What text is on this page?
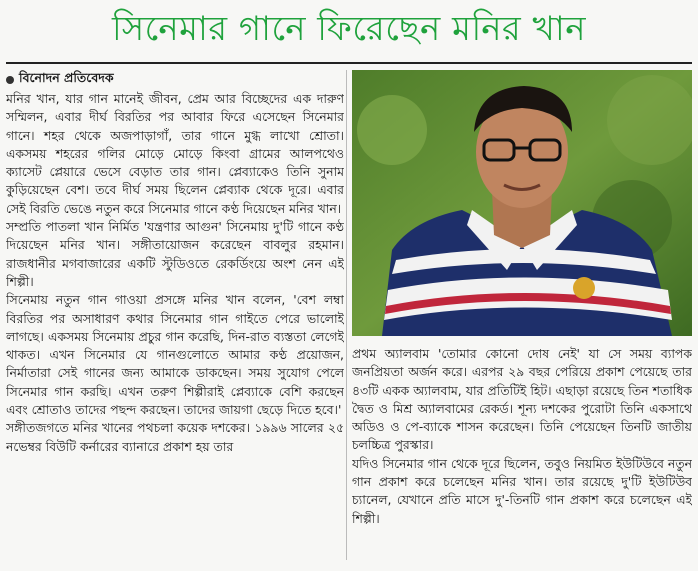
সিনেমার গানে ফিরেছেন মনির খান
বিনোদন প্রতিবেদক

মনির খান, যার গান মানেই জীবন, প্রেম আর বিচ্ছেদের এক দারুণ সম্মিলন, এবার দীর্ঘ বিরতির পর আবার ফিরে এসেছেন সিনেমার গানে। শহর থেকে অজপাড়াগাঁ, তার গানে মুগ্ধ লাখো শ্রোতা। একসময় শহরের গলির মোড়ে মোড়ে কিংবা গ্রামের আলপথেও ক্যাসেট প্লেয়ারে ভেসে বেড়াত তার গান। প্লেব্যাকেও তিনি সুনাম কুড়িয়েছেন বেশ। তবে দীর্ঘ সময় ছিলেন প্লেব্যাক থেকে দূরে। এবার সেই বিরতি ভেঙে নতুন করে সিনেমার গানে কণ্ঠ দিয়েছেন মনির খান।

সম্প্রতি পাতলা খান নির্মিত 'যন্ত্রণার আগুন' সিনেমায় দু'টি গানে কণ্ঠ দিয়েছেন মনির খান। সঙ্গীতায়োজন করেছেন বাবলুর রহমান। রাজধানীর মগবাজারের একটি স্টুডিওতে রেকর্ডিংয়ে অংশ নেন এই শিল্পী।

সিনেমায় নতুন গান গাওয়া প্রসঙ্গে মনির খান বলেন, 'বেশ লম্বা বিরতির পর অসাধারণ কথার সিনেমার গান গাইতে পেরে ভালোই লাগছে। একসময় সিনেমায় প্রচুর গান করেছি, দিন-রাত ব্যস্ততা লেগেই থাকত। এখন সিনেমার যে গানগুলোতে আমার কণ্ঠ প্রয়োজন, নির্মাতারা সেই গানের জন্য আমাকে ডাকছেন। সময় সুযোগ পেলে সিনেমার গান করছি। এখন তরুণ শিল্পীরাই প্লেব্যাকে বেশি করছেন এবং শ্রোতাও তাদের পছন্দ করছেন। তাদের জায়গা ছেড়ে দিতে হবে।'

সঙ্গীতজগতে মনির খানের পথচলা কয়েক দশকের। ১৯৯৬ সালের ২৫ নভেম্বর বিউটি কর্নারের ব্যানারে প্রকাশ হয় তার

প্রথম অ্যালবাম 'তোমার কোনো দোষ নেই' যা সে সময় ব্যাপক জনপ্রিয়তা অর্জন করে। এরপর ২৯ বছর পেরিয়ে প্রকাশ পেয়েছে তার ৪৩টি একক অ্যালবাম, যার প্রতিটিই হিট। এছাড়া রয়েছে তিন শতাধিক দ্বৈত ও মিশ্র অ্যালবামের রেকর্ড। শূন্য দশকের পুরোটা তিনি একসাথে অডিও ও পে-ব্যাকে শাসন করেছেন। তিনি পেয়েছেন তিনটি জাতীয় চলচ্চিত্র পুরস্কার।

যদিও সিনেমার গান থেকে দূরে ছিলেন, তবুও নিয়মিত ইউটিউবে নতুন গান প্রকাশ করে চলেছেন মনির খান। তার রয়েছে দু'টি ইউটিউব চ্যানেল, যেখানে প্রতি মাসে দু'-তিনটি গান প্রকাশ করে চলেছেন এই শিল্পী।
